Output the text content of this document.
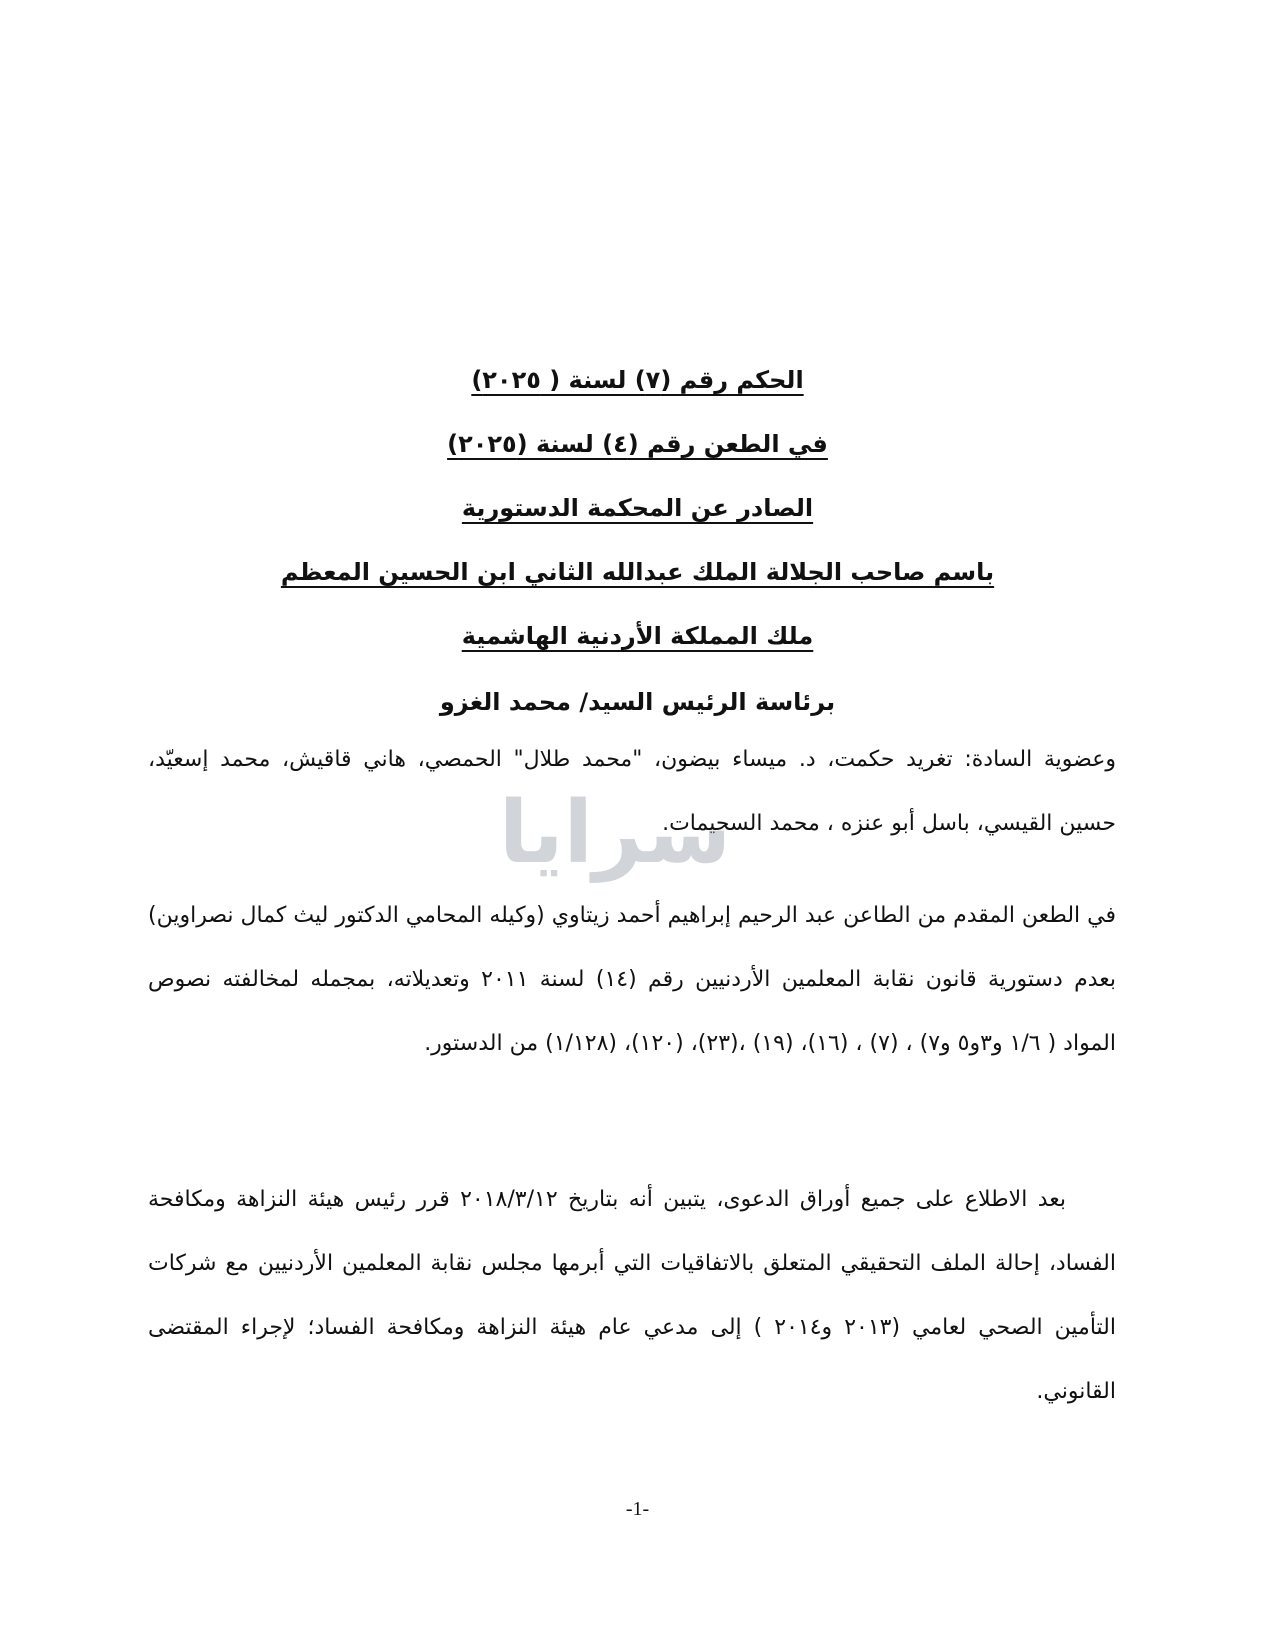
الحكم رقم (٧) لسنة ( ٢٠٢٥)
في الطعن رقم (٤) لسنة (٢٠٢٥)
الصادر عن المحكمة الدستورية
باسم صاحب الجلالة الملك عبدالله الثاني ابن الحسين المعظم
ملك المملكة الأردنية الهاشمية
برئاسة الرئيس السيد/ محمد الغزو
وعضوية السادة: تغريد حكمت، د. ميساء بيضون، "محمد طلال" الحمصي، هاني قاقيش، محمد إسعيّد، حسين القيسي، باسل أبو عنزه ، محمد السحيمات.
في الطعن المقدم من الطاعن عبد الرحيم إبراهيم أحمد زيتاوي (وكيله المحامي الدكتور ليث كمال نصراوين) بعدم دستورية قانون نقابة المعلمين الأردنيين رقم (١٤) لسنة ٢٠١١ وتعديلاته، بمجمله لمخالفته نصوص المواد ( ١/٦ و٣و٥ و٧) ، (٧) ، (١٦)، (١٩) ،(٢٣)، (١٢٠)، (١/١٢٨) من الدستور.
بعد الاطلاع على جميع أوراق الدعوى، يتبين أنه بتاريخ ٢٠١٨/٣/١٢ قرر رئيس هيئة النزاهة ومكافحة الفساد، إحالة الملف التحقيقي المتعلق بالاتفاقيات التي أبرمها مجلس نقابة المعلمين الأردنيين مع شركات التأمين الصحي لعامي (٢٠١٣ و٢٠١٤ ) إلى مدعي عام هيئة النزاهة ومكافحة الفساد؛ لإجراء المقتضى القانوني.
سرايا
-1-
